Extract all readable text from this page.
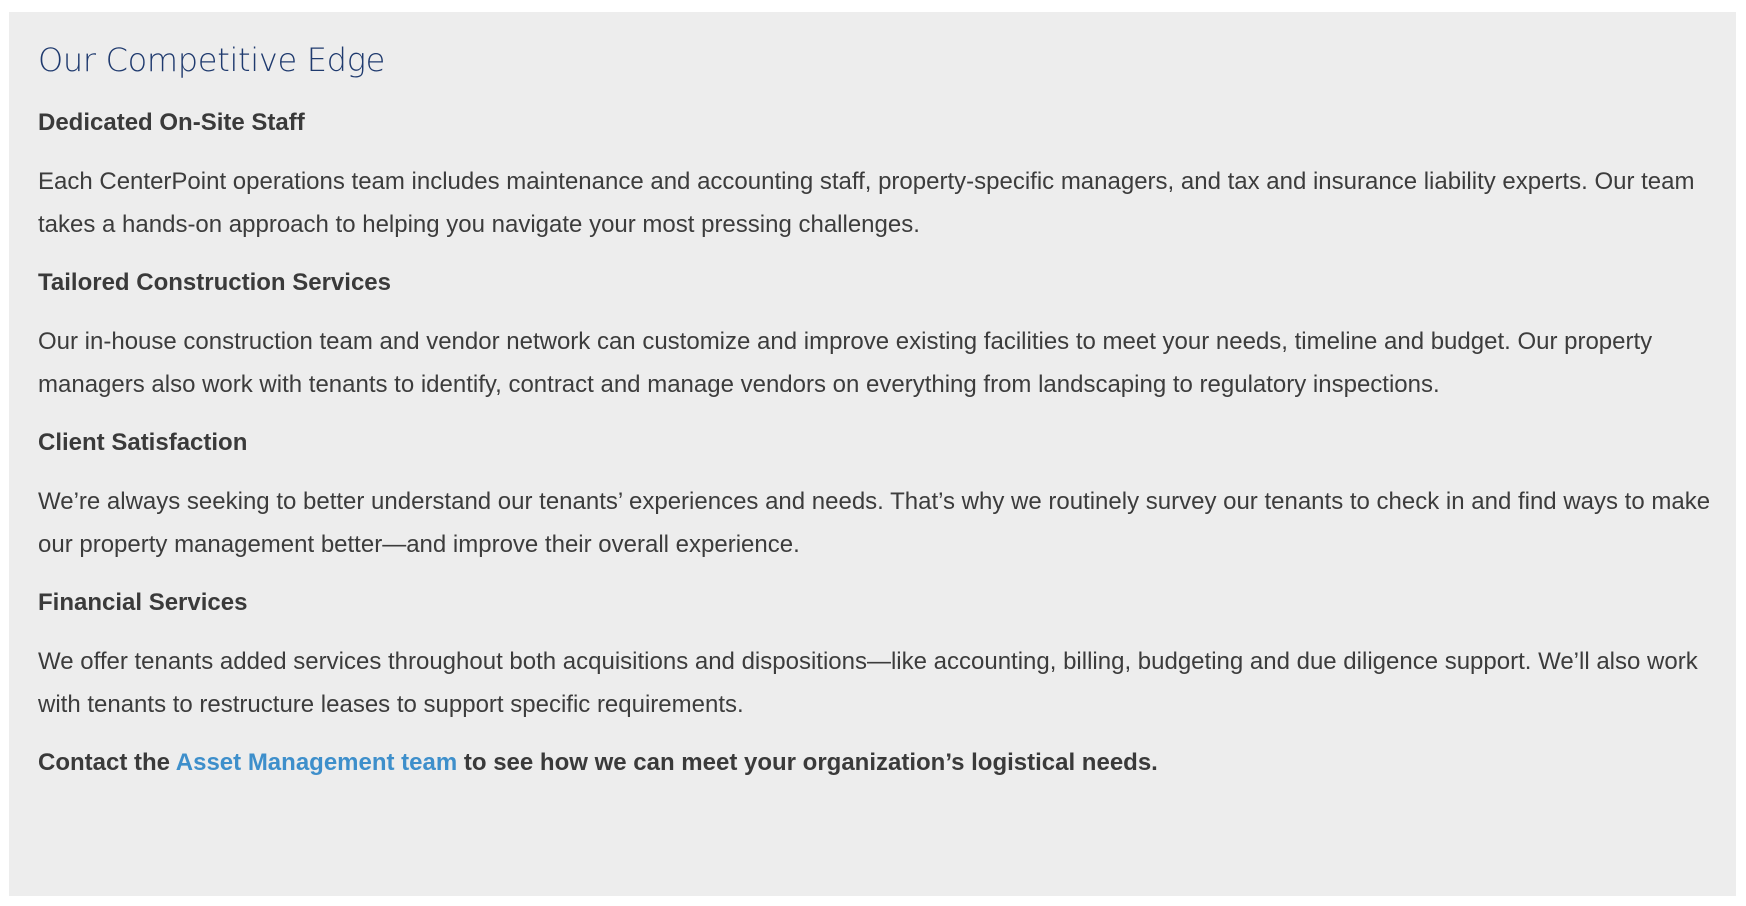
Our Competitive Edge
Dedicated On-Site Staff
Each CenterPoint operations team includes maintenance and accounting staff, property-specific managers, and tax and insurance liability experts. Our team takes a hands-on approach to helping you navigate your most pressing challenges.
Tailored Construction Services
Our in-house construction team and vendor network can customize and improve existing facilities to meet your needs, timeline and budget. Our property managers also work with tenants to identify, contract and manage vendors on everything from landscaping to regulatory inspections.
Client Satisfaction
We’re always seeking to better understand our tenants’ experiences and needs. That’s why we routinely survey our tenants to check in and find ways to make our property management better—and improve their overall experience.
Financial Services
We offer tenants added services throughout both acquisitions and dispositions—like accounting, billing, budgeting and due diligence support. We’ll also work with tenants to restructure leases to support specific requirements.

Contact the Asset Management team to see how we can meet your organization’s logistical needs.
